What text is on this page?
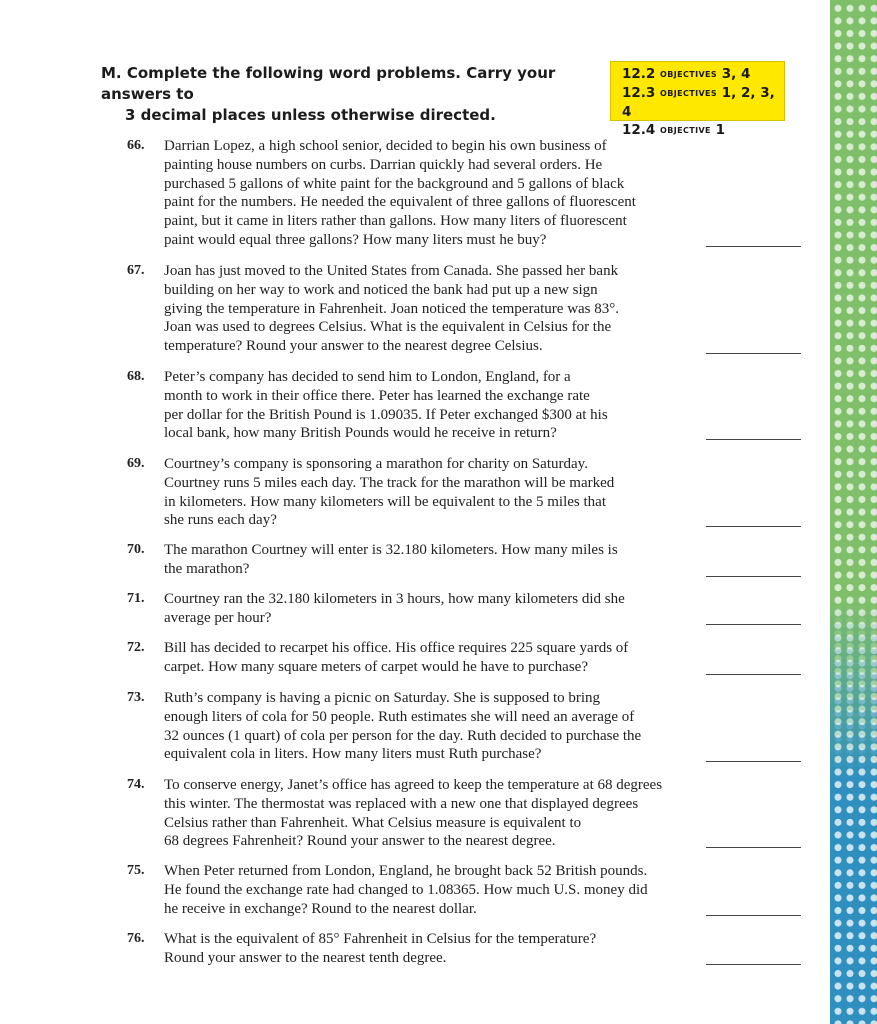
M. Complete the following word problems. Carry your answers to
3 decimal places unless otherwise directed.
12.2 OBJECTIVES 3, 4
12.3 OBJECTIVES 1, 2, 3, 4
12.4 OBJECTIVE 1
66.	Darrian Lopez, a high school senior, decided to begin his own business of
painting house numbers on curbs. Darrian quickly had several orders. He
purchased 5 gallons of white paint for the background and 5 gallons of black
paint for the numbers. He needed the equivalent of three gallons of fluorescent
paint, but it came in liters rather than gallons. How many liters of fluorescent
paint would equal three gallons? How many liters must he buy?
67.	Joan has just moved to the United States from Canada. She passed her bank
building on her way to work and noticed the bank had put up a new sign
giving the temperature in Fahrenheit. Joan noticed the temperature was 83°.
Joan was used to degrees Celsius. What is the equivalent in Celsius for the
temperature? Round your answer to the nearest degree Celsius.
68.	Peter’s company has decided to send him to London, England, for a
month to work in their office there. Peter has learned the exchange rate
per dollar for the British Pound is 1.09035. If Peter exchanged $300 at his
local bank, how many British Pounds would he receive in return?
69.	Courtney’s company is sponsoring a marathon for charity on Saturday.
Courtney runs 5 miles each day. The track for the marathon will be marked
in kilometers. How many kilometers will be equivalent to the 5 miles that
she runs each day?
70.	The marathon Courtney will enter is 32.180 kilometers. How many miles is
the marathon?
71.	Courtney ran the 32.180 kilometers in 3 hours, how many kilometers did she
average per hour?
72.	Bill has decided to recarpet his office. His office requires 225 square yards of
carpet. How many square meters of carpet would he have to purchase?
73.	Ruth’s company is having a picnic on Saturday. She is supposed to bring
enough liters of cola for 50 people. Ruth estimates she will need an average of
32 ounces (1 quart) of cola per person for the day. Ruth decided to purchase the
equivalent cola in liters. How many liters must Ruth purchase?
74.	To conserve energy, Janet’s office has agreed to keep the temperature at 68 degrees
this winter. The thermostat was replaced with a new one that displayed degrees
Celsius rather than Fahrenheit. What Celsius measure is equivalent to
68 degrees Fahrenheit? Round your answer to the nearest degree.
75.	When Peter returned from London, England, he brought back 52 British pounds.
He found the exchange rate had changed to 1.08365. How much U.S. money did
he receive in exchange? Round to the nearest dollar.
76.	What is the equivalent of 85° Fahrenheit in Celsius for the temperature?
Round your answer to the nearest tenth degree.
